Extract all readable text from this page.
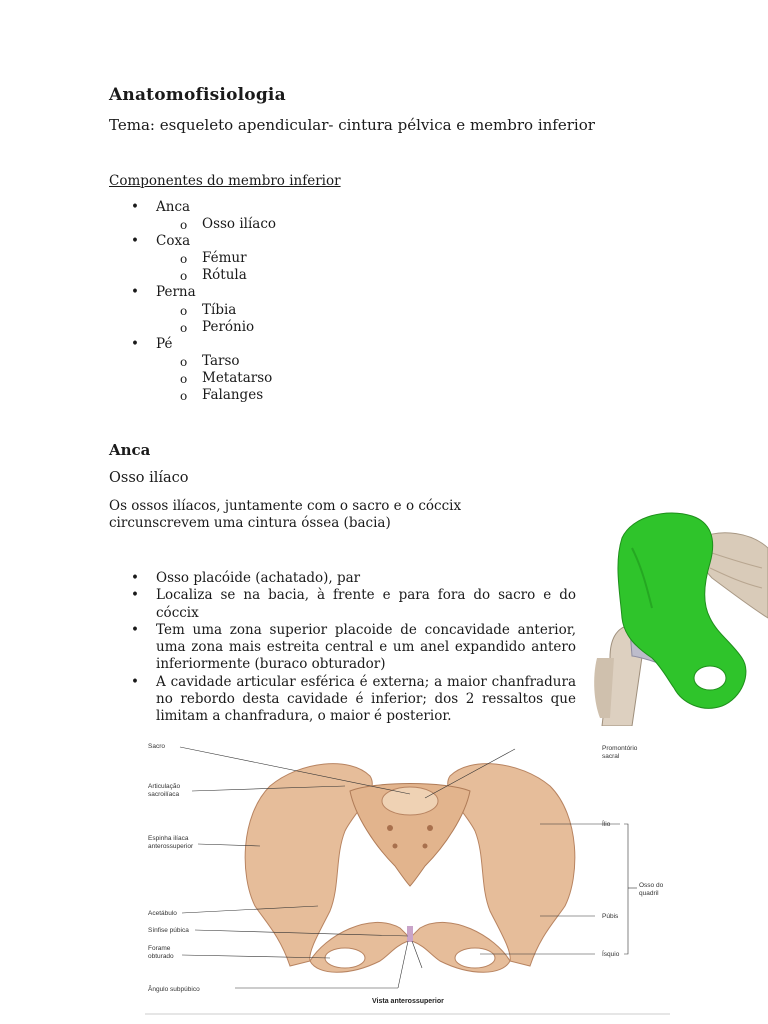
Anatomofisiologia
Tema: esqueleto apendicular- cintura pélvica e membro inferior
Componentes do membro inferior
• Anca
o Osso ilíaco
• Coxa
o Fémur
o Rótula
• Perna
o Tíbia
o Perónio
• Pé
o Tarso
o Metatarso
o Falanges
Anca
Osso ilíaco
Os ossos ilíacos, juntamente com o sacro e o cóccix circunscrevem uma cintura óssea (bacia)
• Osso placóide (achatado), par
• Localiza se na bacia, à frente e para fora do sacro e do cóccix
• Tem uma zona superior placoide de concavidade anterior, uma zona mais estreita central e um anel expandido antero inferiormente (buraco obturador)
• A cavidade articular esférica é externa; a maior chanfradura no rebordo desta cavidade é inferior; dos 2 ressaltos que limitam a chanfradura, o maior é posterior.
Sacro
Articulação sacroilíaca
Espinha ilíaca anterossuperior
Acetábulo
Sínfise púbica
Forame obturado
Ângulo subpúbico
Promontório sacral
Ílio
Púbis
Ísquio
Osso do quadril
Vista anterossuperior
